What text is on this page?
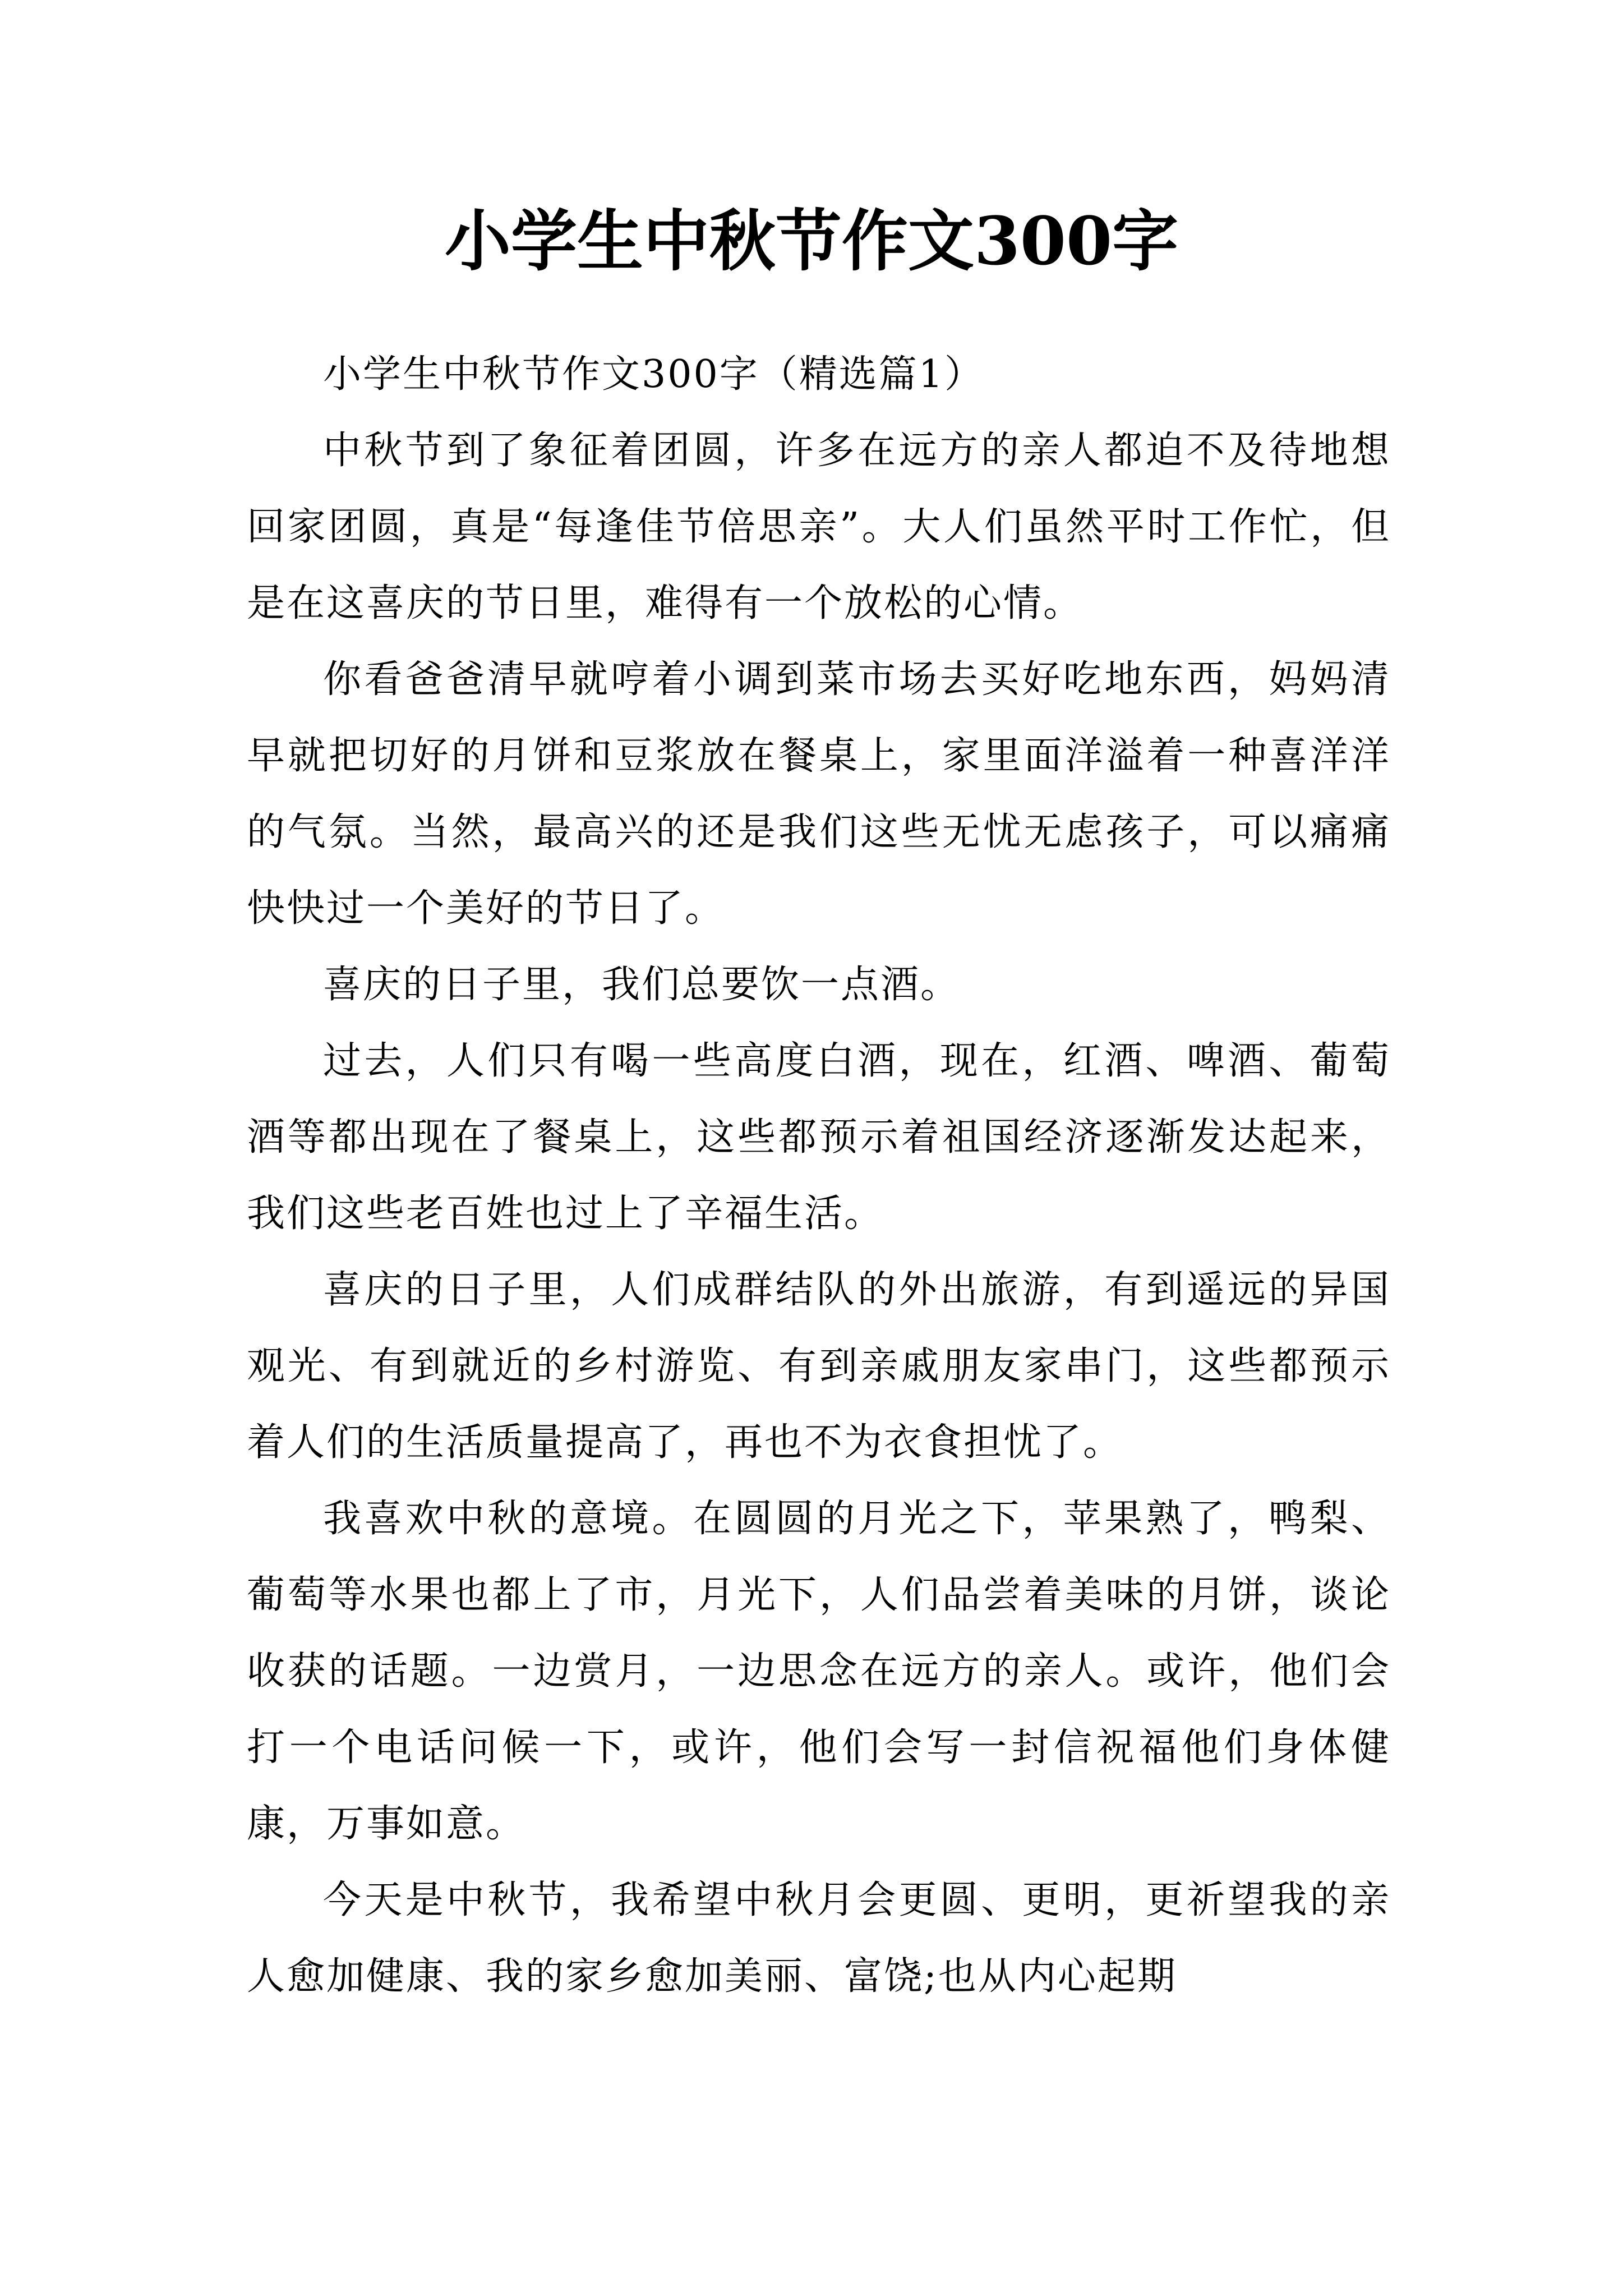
小学生中秋节作文300字

小学生中秋节作文300字（精选篇1）

中秋节到了象征着团圆，许多在远方的亲人都迫不及待地想回家团圆，真是“每逢佳节倍思亲”。大人们虽然平时工作忙，但是在这喜庆的节日里，难得有一个放松的心情。

你看爸爸清早就哼着小调到菜市场去买好吃地东西，妈妈清早就把切好的月饼和豆浆放在餐桌上，家里面洋溢着一种喜洋洋的气氛。当然，最高兴的还是我们这些无忧无虑孩子，可以痛痛快快过一个美好的节日了。

喜庆的日子里，我们总要饮一点酒。

过去，人们只有喝一些高度白酒，现在，红酒、啤酒、葡萄酒等都出现在了餐桌上，这些都预示着祖国经济逐渐发达起来，我们这些老百姓也过上了辛福生活。

喜庆的日子里，人们成群结队的外出旅游，有到遥远的异国观光、有到就近的乡村游览、有到亲戚朋友家串门，这些都预示着人们的生活质量提高了，再也不为衣食担忧了。

我喜欢中秋的意境。在圆圆的月光之下，苹果熟了，鸭梨、葡萄等水果也都上了市，月光下，人们品尝着美味的月饼，谈论收获的话题。一边赏月，一边思念在远方的亲人。或许，他们会打一个电话问候一下，或许，他们会写一封信祝福他们身体健康，万事如意。

今天是中秋节，我希望中秋月会更圆、更明，更祈望我的亲人愈加健康、我的家乡愈加美丽、富饶;也从内心起期
